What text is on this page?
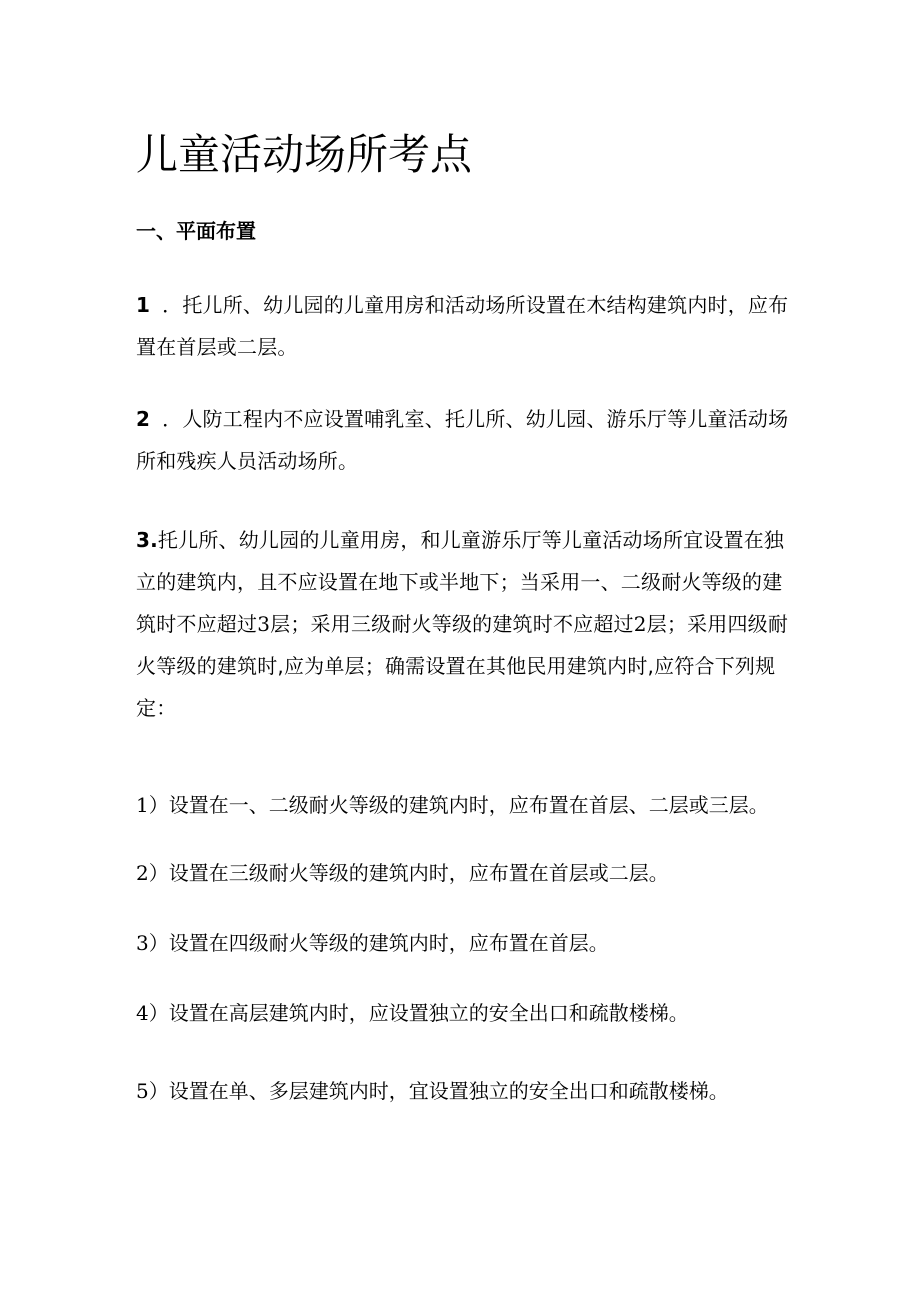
儿童活动场所考点
一、平面布置

1 ．托儿所、幼儿园的儿童用房和活动场所设置在木结构建筑内时，应布置在首层或二层。

2 ．人防工程内不应设置哺乳室、托儿所、幼儿园、游乐厅等儿童活动场所和残疾人员活动场所。

3.托儿所、幼儿园的儿童用房，和儿童游乐厅等儿童活动场所宜设置在独立的建筑内，且不应设置在地下或半地下；当采用一、二级耐火等级的建筑时不应超过3层；采用三级耐火等级的建筑时不应超过2层；采用四级耐火等级的建筑时,应为单层；确需设置在其他民用建筑内时,应符合下列规定：

1）设置在一、二级耐火等级的建筑内时，应布置在首层、二层或三层。

2）设置在三级耐火等级的建筑内时，应布置在首层或二层。

3）设置在四级耐火等级的建筑内时，应布置在首层。

4）设置在高层建筑内时，应设置独立的安全出口和疏散楼梯。

5）设置在单、多层建筑内时，宜设置独立的安全出口和疏散楼梯。
